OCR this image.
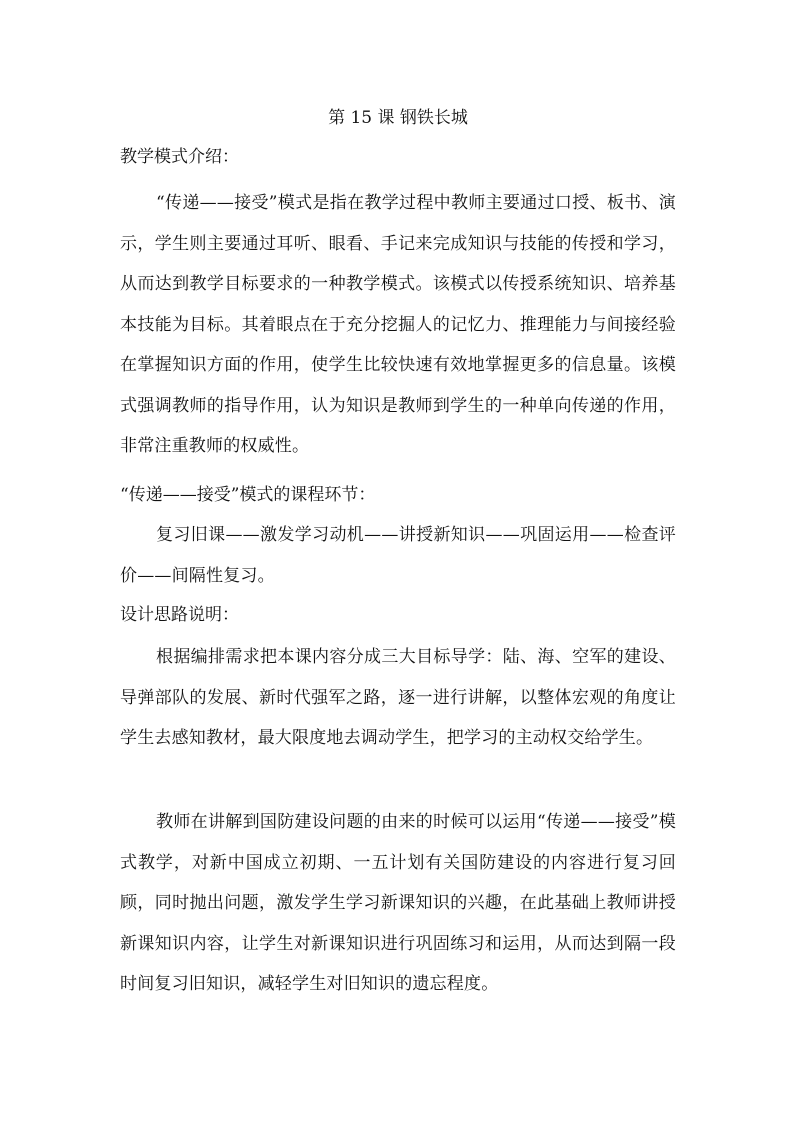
第 15 课 钢铁长城

教学模式介绍：

“传递——接受”模式是指在教学过程中教师主要通过口授、板书、演示，学生则主要通过耳听、眼看、手记来完成知识与技能的传授和学习，从而达到教学目标要求的一种教学模式。该模式以传授系统知识、培养基本技能为目标。其着眼点在于充分挖掘人的记忆力、推理能力与间接经验在掌握知识方面的作用，使学生比较快速有效地掌握更多的信息量。该模式强调教师的指导作用，认为知识是教师到学生的一种单向传递的作用，非常注重教师的权威性。

“传递——接受”模式的课程环节：

复习旧课——激发学习动机——讲授新知识——巩固运用——检查评价——间隔性复习。

设计思路说明：

根据编排需求把本课内容分成三大目标导学：陆、海、空军的建设、导弹部队的发展、新时代强军之路，逐一进行讲解，以整体宏观的角度让学生去感知教材，最大限度地去调动学生，把学习的主动权交给学生。

教师在讲解到国防建设问题的由来的时候可以运用“传递——接受”模式教学，对新中国成立初期、一五计划有关国防建设的内容进行复习回顾，同时抛出问题，激发学生学习新课知识的兴趣，在此基础上教师讲授新课知识内容，让学生对新课知识进行巩固练习和运用，从而达到隔一段时间复习旧知识，减轻学生对旧知识的遗忘程度。
